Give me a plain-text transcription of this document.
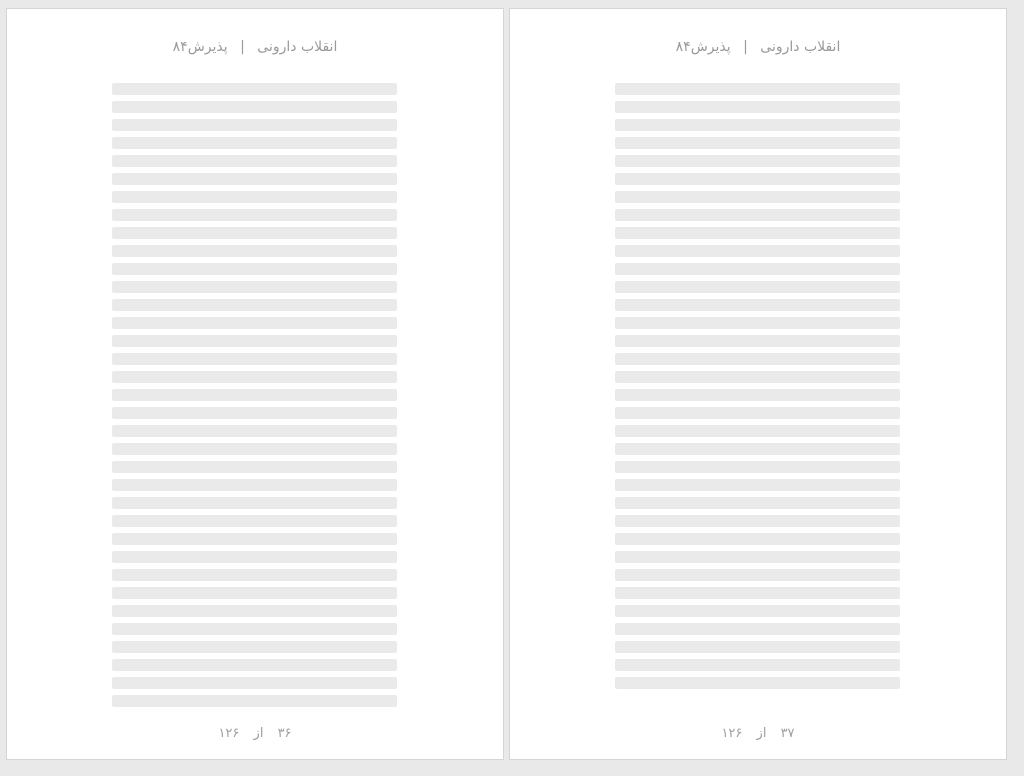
انقلاب دارونی | پذیرش۸۴
۳۶ از ۱۲۶
انقلاب دارونی | پذیرش۸۴
۳۷ از ۱۲۶
